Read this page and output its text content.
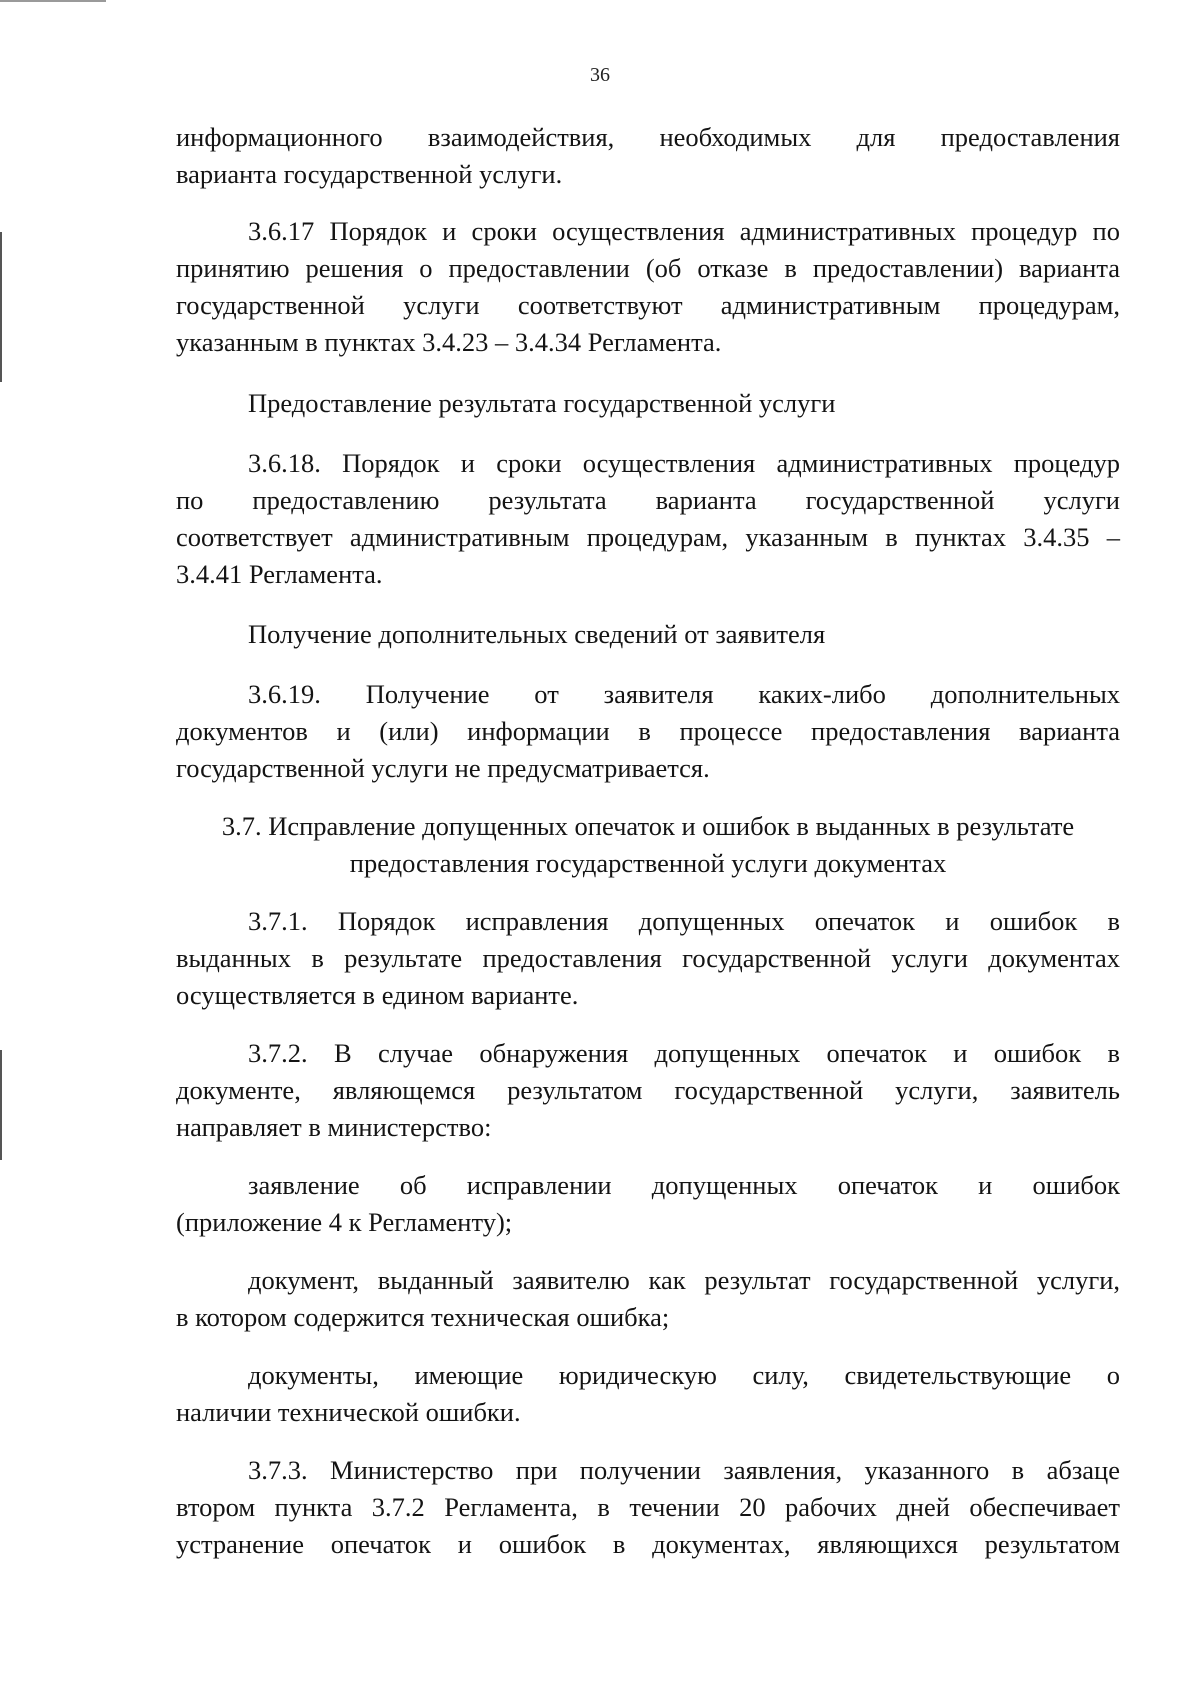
36
информационного взаимодействия, необходимых для предоставления
варианта государственной услуги.
3.6.17 Порядок и сроки осуществления административных процедур по
принятию решения о предоставлении (об отказе в предоставлении) варианта
государственной услуги соответствуют административным процедурам,
указанным в пунктах 3.4.23 – 3.4.34 Регламента.
Предоставление результата государственной услуги
3.6.18. Порядок и сроки осуществления административных процедур
по предоставлению результата варианта государственной услуги
соответствует административным процедурам, указанным в пунктах 3.4.35 –
3.4.41 Регламента.
Получение дополнительных сведений от заявителя
3.6.19. Получение от заявителя каких-либо дополнительных
документов и (или) информации в процессе предоставления варианта
государственной услуги не предусматривается.
3.7. Исправление допущенных опечаток и ошибок в выданных в результате
предоставления государственной услуги документах
3.7.1. Порядок исправления допущенных опечаток и ошибок в
выданных в результате предоставления государственной услуги документах
осуществляется в едином варианте.
3.7.2. В случае обнаружения допущенных опечаток и ошибок в
документе, являющемся результатом государственной услуги, заявитель
направляет в министерство:
заявление об исправлении допущенных опечаток и ошибок
(приложение 4 к Регламенту);
документ, выданный заявителю как результат государственной услуги,
в котором содержится техническая ошибка;
документы, имеющие юридическую силу, свидетельствующие о
наличии технической ошибки.
3.7.3. Министерство при получении заявления, указанного в абзаце
втором пункта 3.7.2 Регламента, в течении 20 рабочих дней обеспечивает
устранение опечаток и ошибок в документах, являющихся результатом
